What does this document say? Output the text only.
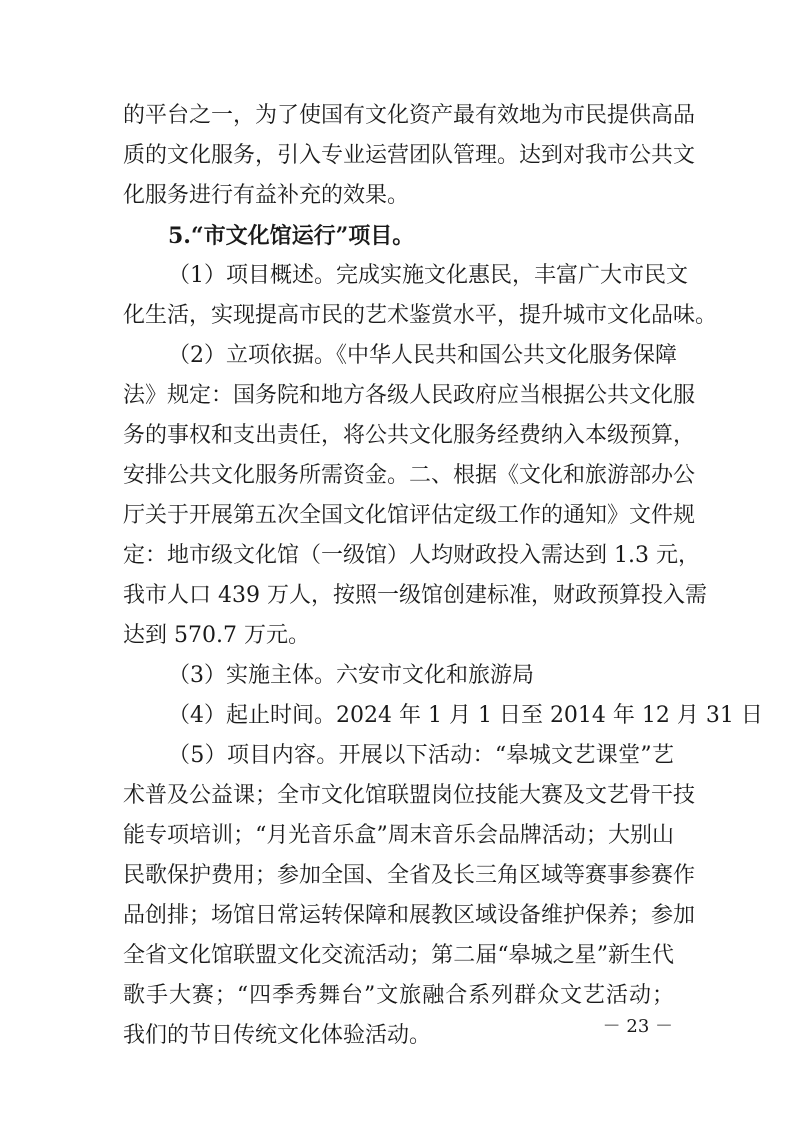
的平台之一，为了使国有文化资产最有效地为市民提供高品
质的文化服务，引入专业运营团队管理。达到对我市公共文
化服务进行有益补充的效果。
5.“市文化馆运行”项目。
（1）项目概述。完成实施文化惠民，丰富广大市民文
化生活，实现提高市民的艺术鉴赏水平，提升城市文化品味。
（2）立项依据。《中华人民共和国公共文化服务保障
法》规定：国务院和地方各级人民政府应当根据公共文化服
务的事权和支出责任，将公共文化服务经费纳入本级预算，
安排公共文化服务所需资金。二、根据《文化和旅游部办公
厅关于开展第五次全国文化馆评估定级工作的通知》文件规
定：地市级文化馆（一级馆）人均财政投入需达到 1.3 元，
我市人口 439 万人，按照一级馆创建标准，财政预算投入需
达到 570.7 万元。
（3）实施主体。六安市文化和旅游局
（4）起止时间。2024 年 1 月 1 日至 2014 年 12 月 31 日
（5）项目内容。开展以下活动：“皋城文艺课堂”艺
术普及公益课；全市文化馆联盟岗位技能大赛及文艺骨干技
能专项培训；“月光音乐盒”周末音乐会品牌活动；大别山
民歌保护费用；参加全国、全省及长三角区域等赛事参赛作
品创排；场馆日常运转保障和展教区域设备维护保养；参加
全省文化馆联盟文化交流活动；第二届“皋城之星”新生代
歌手大赛；“四季秀舞台”文旅融合系列群众文艺活动；
我们的节日传统文化体验活动。	－ 23 －
